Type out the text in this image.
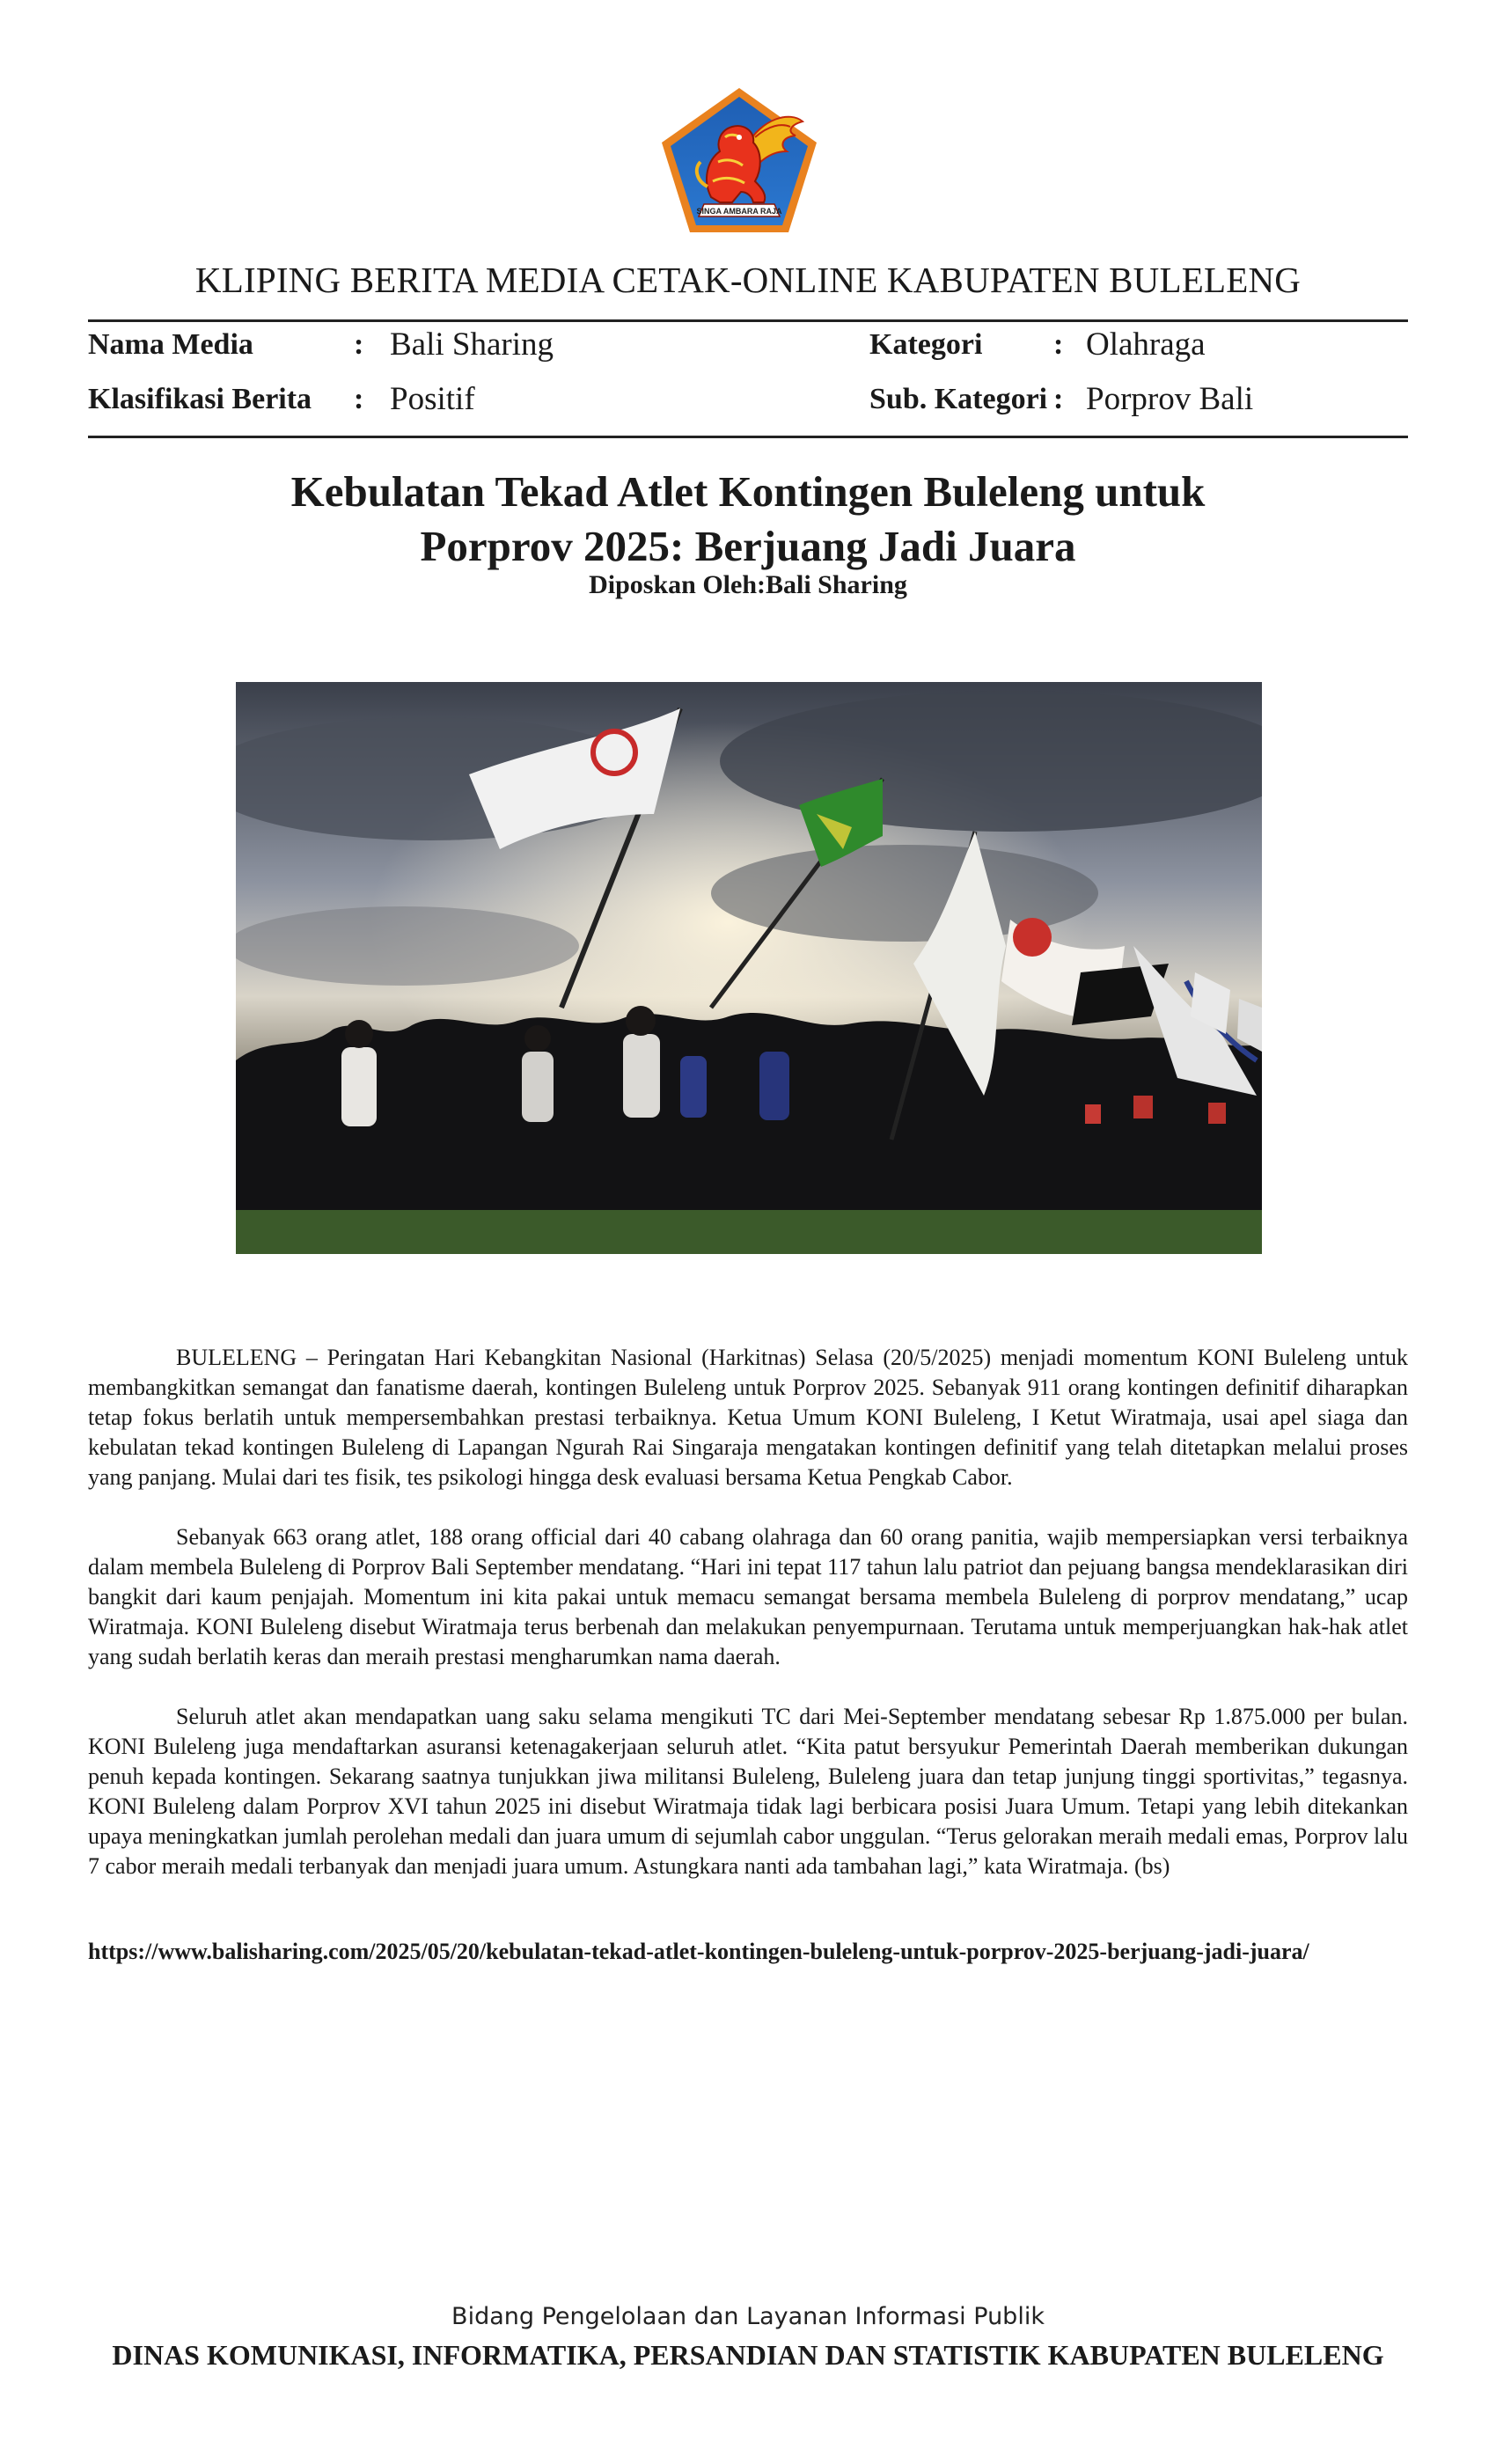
SINGA AMBARA RAJA
KLIPING BERITA MEDIA CETAK-ONLINE KABUPATEN BULELENG
Nama Media	: Bali Sharing	Kategori : Olahraga
Klasifikasi Berita : Positif	Sub. Kategori : Porprov Bali
Kebulatan Tekad Atlet Kontingen Buleleng untuk
Porprov 2025: Berjuang Jadi Juara
Diposkan Oleh:Bali Sharing

BULELENG – Peringatan Hari Kebangkitan Nasional (Harkitnas) Selasa (20/5/2025) menjadi momentum KONI Buleleng untuk membangkitkan semangat dan fanatisme daerah, kontingen Buleleng untuk Porprov 2025. Sebanyak 911 orang kontingen definitif diharapkan tetap fokus berlatih untuk mempersembahkan prestasi terbaiknya. Ketua Umum KONI Buleleng, I Ketut Wiratmaja, usai apel siaga dan kebulatan tekad kontingen Buleleng di Lapangan Ngurah Rai Singaraja mengatakan kontingen definitif yang telah ditetapkan melalui proses yang panjang. Mulai dari tes fisik, tes psikologi hingga desk evaluasi bersama Ketua Pengkab Cabor.

Sebanyak 663 orang atlet, 188 orang official dari 40 cabang olahraga dan 60 orang panitia, wajib mempersiapkan versi terbaiknya dalam membela Buleleng di Porprov Bali September mendatang. “Hari ini tepat 117 tahun lalu patriot dan pejuang bangsa mendeklarasikan diri bangkit dari kaum penjajah. Momentum ini kita pakai untuk memacu semangat bersama membela Buleleng di porprov mendatang,” ucap Wiratmaja. KONI Buleleng disebut Wiratmaja terus berbenah dan melakukan penyempurnaan. Terutama untuk memperjuangkan hak-hak atlet yang sudah berlatih keras dan meraih prestasi mengharumkan nama daerah.

Seluruh atlet akan mendapatkan uang saku selama mengikuti TC dari Mei-September mendatang sebesar Rp 1.875.000 per bulan. KONI Buleleng juga mendaftarkan asuransi ketenagakerjaan seluruh atlet. “Kita patut bersyukur Pemerintah Daerah memberikan dukungan penuh kepada kontingen. Sekarang saatnya tunjukkan jiwa militansi Buleleng, Buleleng juara dan tetap junjung tinggi sportivitas,” tegasnya. KONI Buleleng dalam Porprov XVI tahun 2025 ini disebut Wiratmaja tidak lagi berbicara posisi Juara Umum. Tetapi yang lebih ditekankan upaya meningkatkan jumlah perolehan medali dan juara umum di sejumlah cabor unggulan. “Terus gelorakan meraih medali emas, Porprov lalu 7 cabor meraih medali terbanyak dan menjadi juara umum. Astungkara nanti ada tambahan lagi,” kata Wiratmaja. (bs)

https://www.balisharing.com/2025/05/20/kebulatan-tekad-atlet-kontingen-buleleng-untuk-porprov-2025-berjuang-jadi-juara/
Bidang Pengelolaan dan Layanan Informasi Publik
DINAS KOMUNIKASI, INFORMATIKA, PERSANDIAN DAN STATISTIK KABUPATEN BULELENG
